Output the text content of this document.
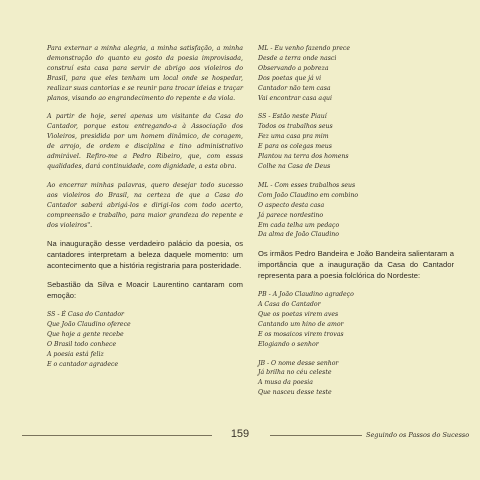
Para externar a minha alegria, a minha satisfação, a minha demonstração do quanto eu gosto da poesia improvisada, construí esta casa para servir de abrigo aos violeiros do Brasil, para que eles tenham um local onde se hospedar, realizar suas cantorias e se reunir para trocar ideias e traçar planos, visando ao engrandecimento do repente e da viola.

A partir de hoje, serei apenas um visitante da Casa do Cantador, porque estou entregando-a à Associação dos Violeiros, presidida por um homem dinâmico, de coragem, de arrojo, de ordem e disciplina e tino administrativo admirável. Refiro-me a Pedro Ribeiro, que, com essas qualidades, dará continuidade, com dignidade, a esta obra.

Ao encerrar minhas palavras, quero desejar todo sucesso aos violeiros do Brasil, na certeza de que a Casa do Cantador saberá abrigá-los e dirigi-los com todo acerto, compreensão e trabalho, para maior grandeza do repente e dos violeiros".

Na inauguração desse verdadeiro palácio da poesia, os cantadores interpretam a beleza daquele momento: um acontecimento que a história registraria para posteridade.

Sebastião da Silva e Moacir Laurentino cantaram com emoção:

SS - É Casa do Cantador
Que João Claudino oferece
Que hoje a gente recebe
O Brasil todo conhece
A poesia está feliz
E o cantador agradece
ML - Eu venho fazendo prece
Desde a terra onde nasci
Observando a pobreza
Dos poetas que já vi
Cantador não tem casa
Vai encontrar casa aqui
SS - Estão neste Piauí
Todos os trabalhos seus
Fez uma casa pra mim
E para os colegas meus
Plantou na terra dos homens
Colhe na Casa de Deus
ML - Com esses trabalhos seus
Com João Claudino em combino
O aspecto desta casa
Já parece nordestino
Em cada telha um pedaço
Da alma de João Claudino

Os irmãos Pedro Bandeira e João Bandeira salientaram a importância que a inauguração da Casa do Cantador representa para a poesia folclórica do Nordeste:

PB - A João Claudino agradeço
A Casa do Cantador
Que os poetas virem aves
Cantando um hino de amor
E os mosaicos virem trovas
Elogiando o senhor
JB - O nome desse senhor
Já brilha no céu celeste
A musa da poesia
Que nasceu desse teste
159	Seguindo os Passos do Sucesso
